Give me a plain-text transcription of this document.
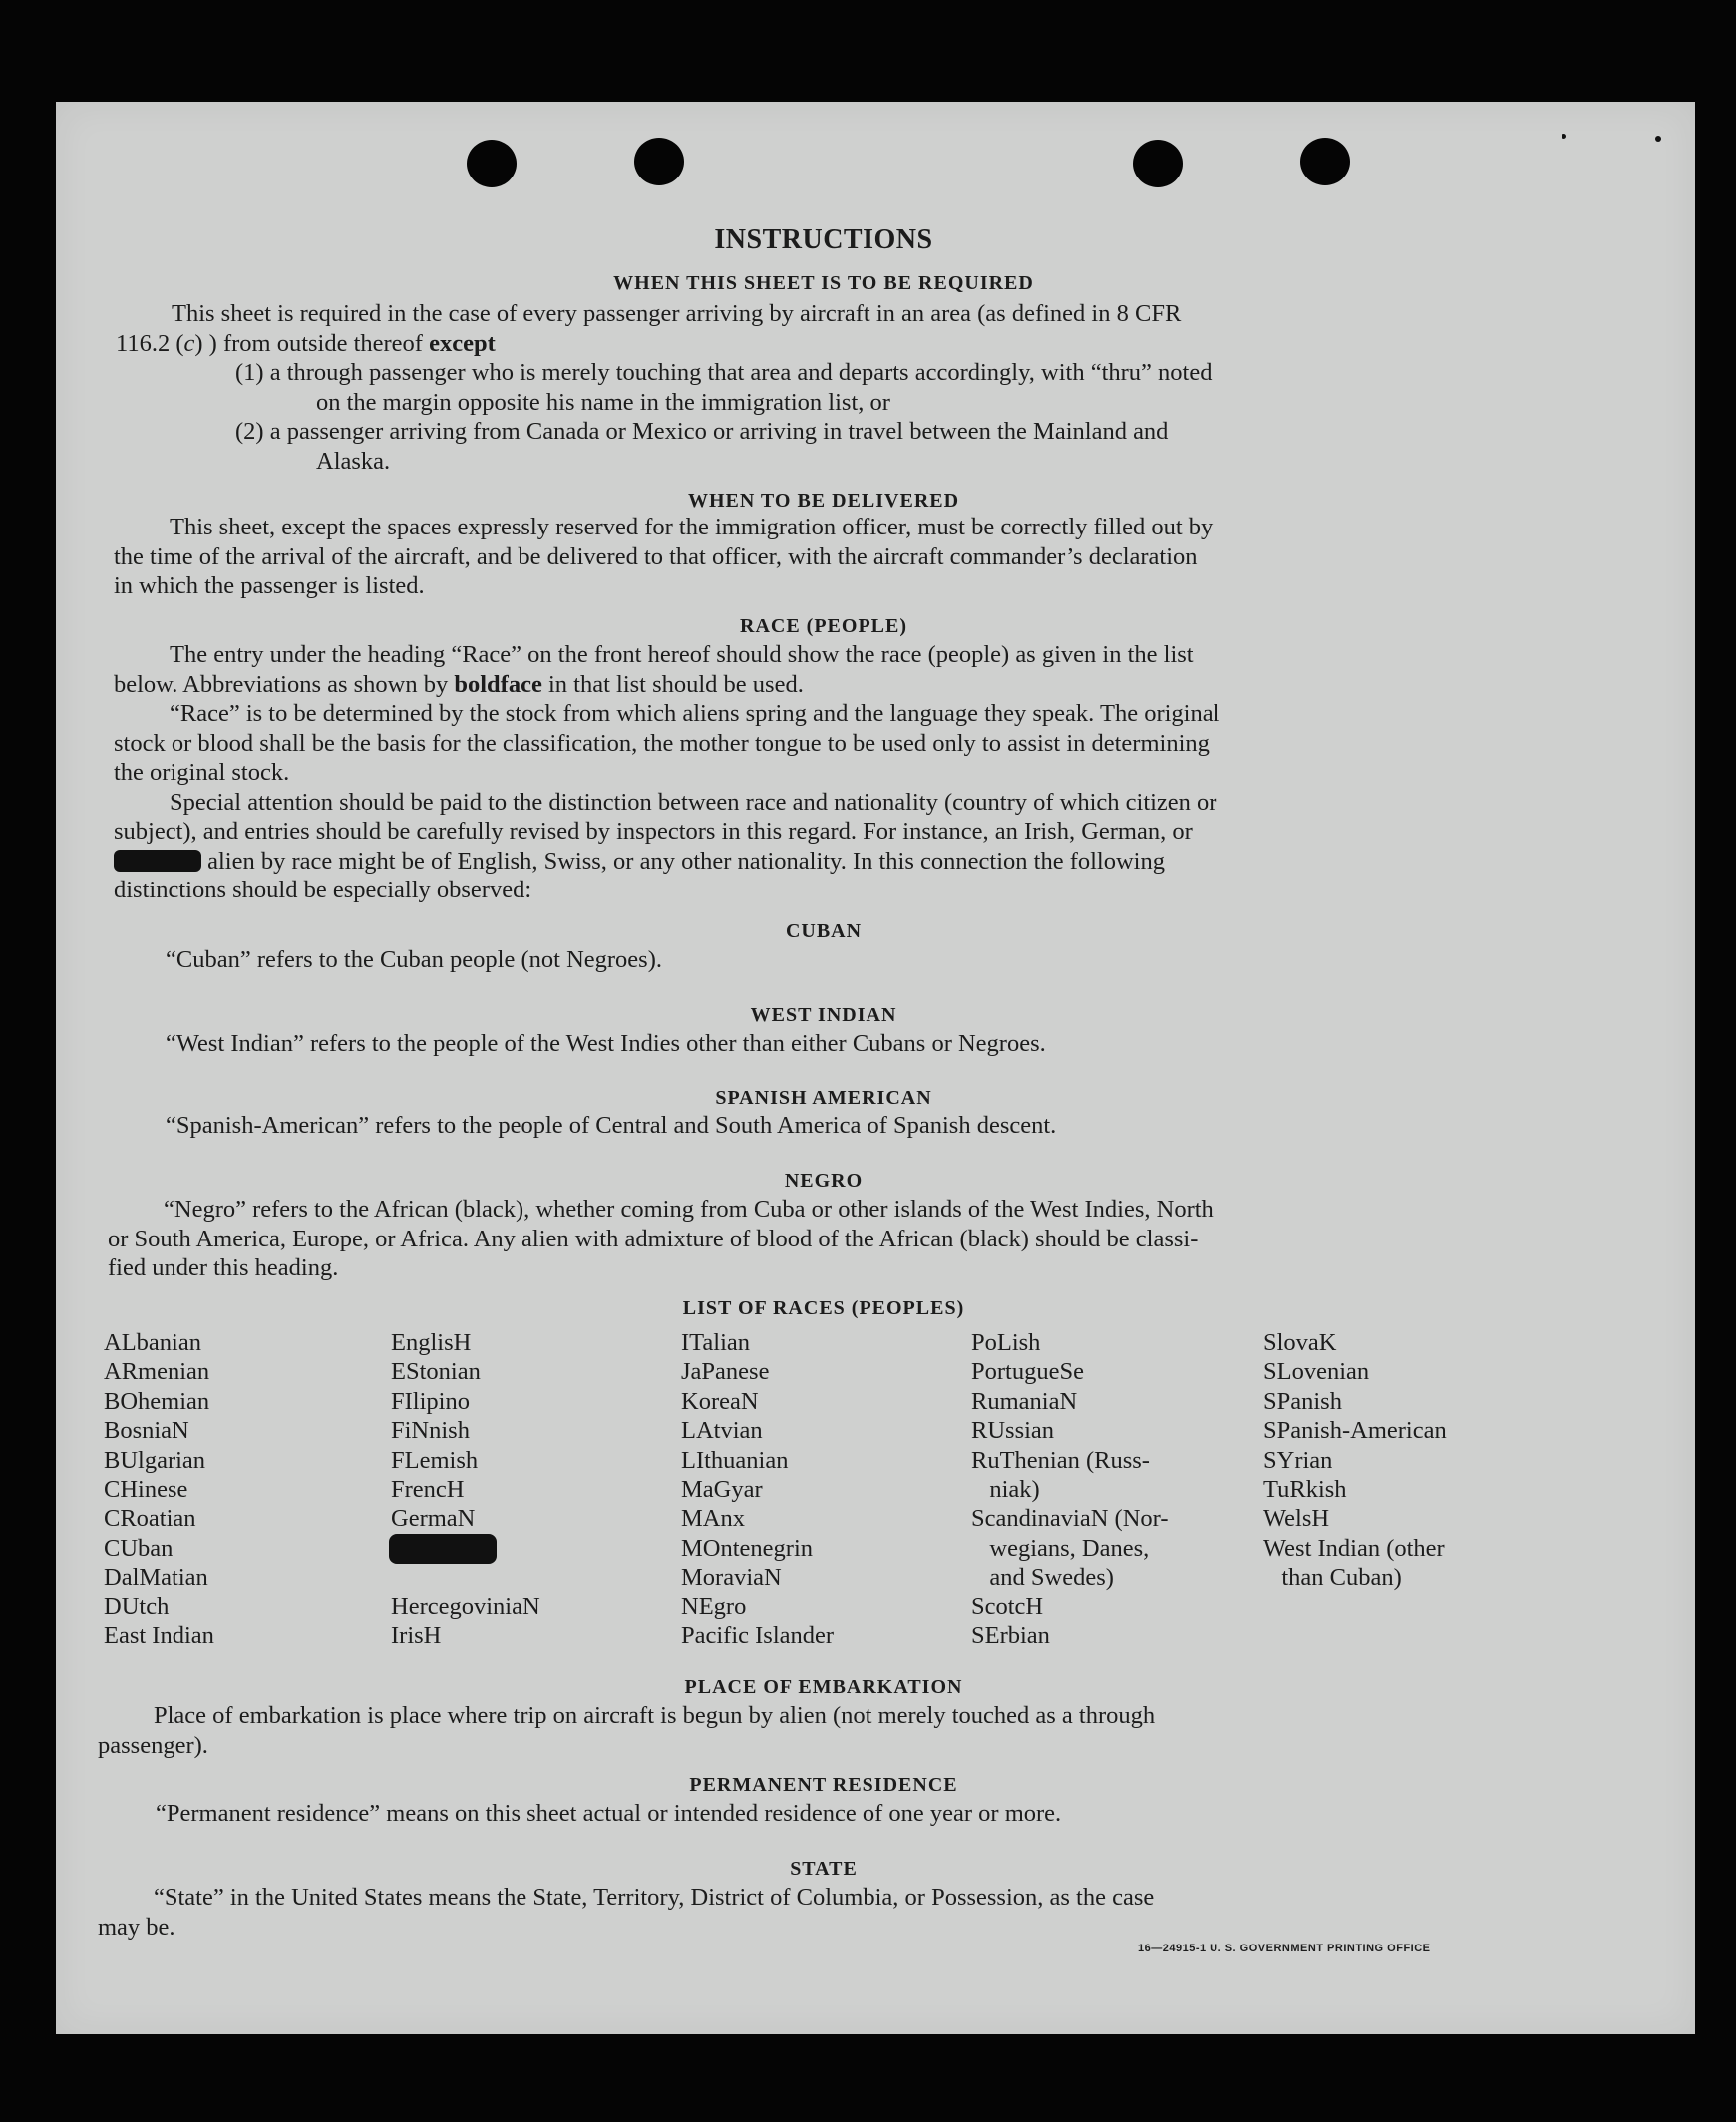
INSTRUCTIONS
WHEN THIS SHEET IS TO BE REQUIRED
This sheet is required in the case of every passenger arriving by aircraft in an area (as defined in 8 CFR
116.2 (c) ) from outside thereof except
(1) a through passenger who is merely touching that area and departs accordingly, with “thru” noted
on the margin opposite his name in the immigration list, or
(2) a passenger arriving from Canada or Mexico or arriving in travel between the Mainland and
Alaska.
WHEN TO BE DELIVERED
This sheet, except the spaces expressly reserved for the immigration officer, must be correctly filled out by
the time of the arrival of the aircraft, and be delivered to that officer, with the aircraft commander’s declaration
in which the passenger is listed.
RACE (PEOPLE)
The entry under the heading “Race” on the front hereof should show the race (people) as given in the list
below. Abbreviations as shown by boldface in that list should be used.
“Race” is to be determined by the stock from which aliens spring and the language they speak. The original
stock or blood shall be the basis for the classification, the mother tongue to be used only to assist in determining
the original stock.
Special attention should be paid to the distinction between race and nationality (country of which citizen or
subject), and entries should be carefully revised by inspectors in this regard. For instance, an Irish, German, or
alien by race might be of English, Swiss, or any other nationality. In this connection the following
distinctions should be especially observed:
CUBAN
“Cuban” refers to the Cuban people (not Negroes).
WEST INDIAN
“West Indian” refers to the people of the West Indies other than either Cubans or Negroes.
SPANISH AMERICAN
“Spanish-American” refers to the people of Central and South America of Spanish descent.
NEGRO
“Negro” refers to the African (black), whether coming from Cuba or other islands of the West Indies, North
or South America, Europe, or Africa. Any alien with admixture of blood of the African (black) should be classi-
fied under this heading.
LIST OF RACES (PEOPLES)
ALbanian
ARmenian
BOhemian
BosniaN
BUlgarian
CHinese
CRoatian
CUban
DalMatian
DUtch
East Indian
EnglisH
EStonian
FIlipino
FiNnish
FLemish
FrencH
GermaN

HercegoviniaN
IrisH
ITalian
JaPanese
KoreaN
LAtvian
LIthuanian
MaGyar
MAnx
MOntenegrin
MoraviaN
NEgro
Pacific Islander
PoLish
PortugueSe
RumaniaN
RUssian
RuThenian (Russ-
niak)
ScandinaviaN (Nor-
wegians, Danes,
and Swedes)
ScotcH
SErbian
SlovaK
SLovenian
SPanish
SPanish-American
SYrian
TuRkish
WelsH
West Indian (other
than Cuban)
PLACE OF EMBARKATION
Place of embarkation is place where trip on aircraft is begun by alien (not merely touched as a through
passenger).
PERMANENT RESIDENCE
“Permanent residence” means on this sheet actual or intended residence of one year or more.
STATE
“State” in the United States means the State, Territory, District of Columbia, or Possession, as the case
may be.
16—24915-1 U. S. GOVERNMENT PRINTING OFFICE
